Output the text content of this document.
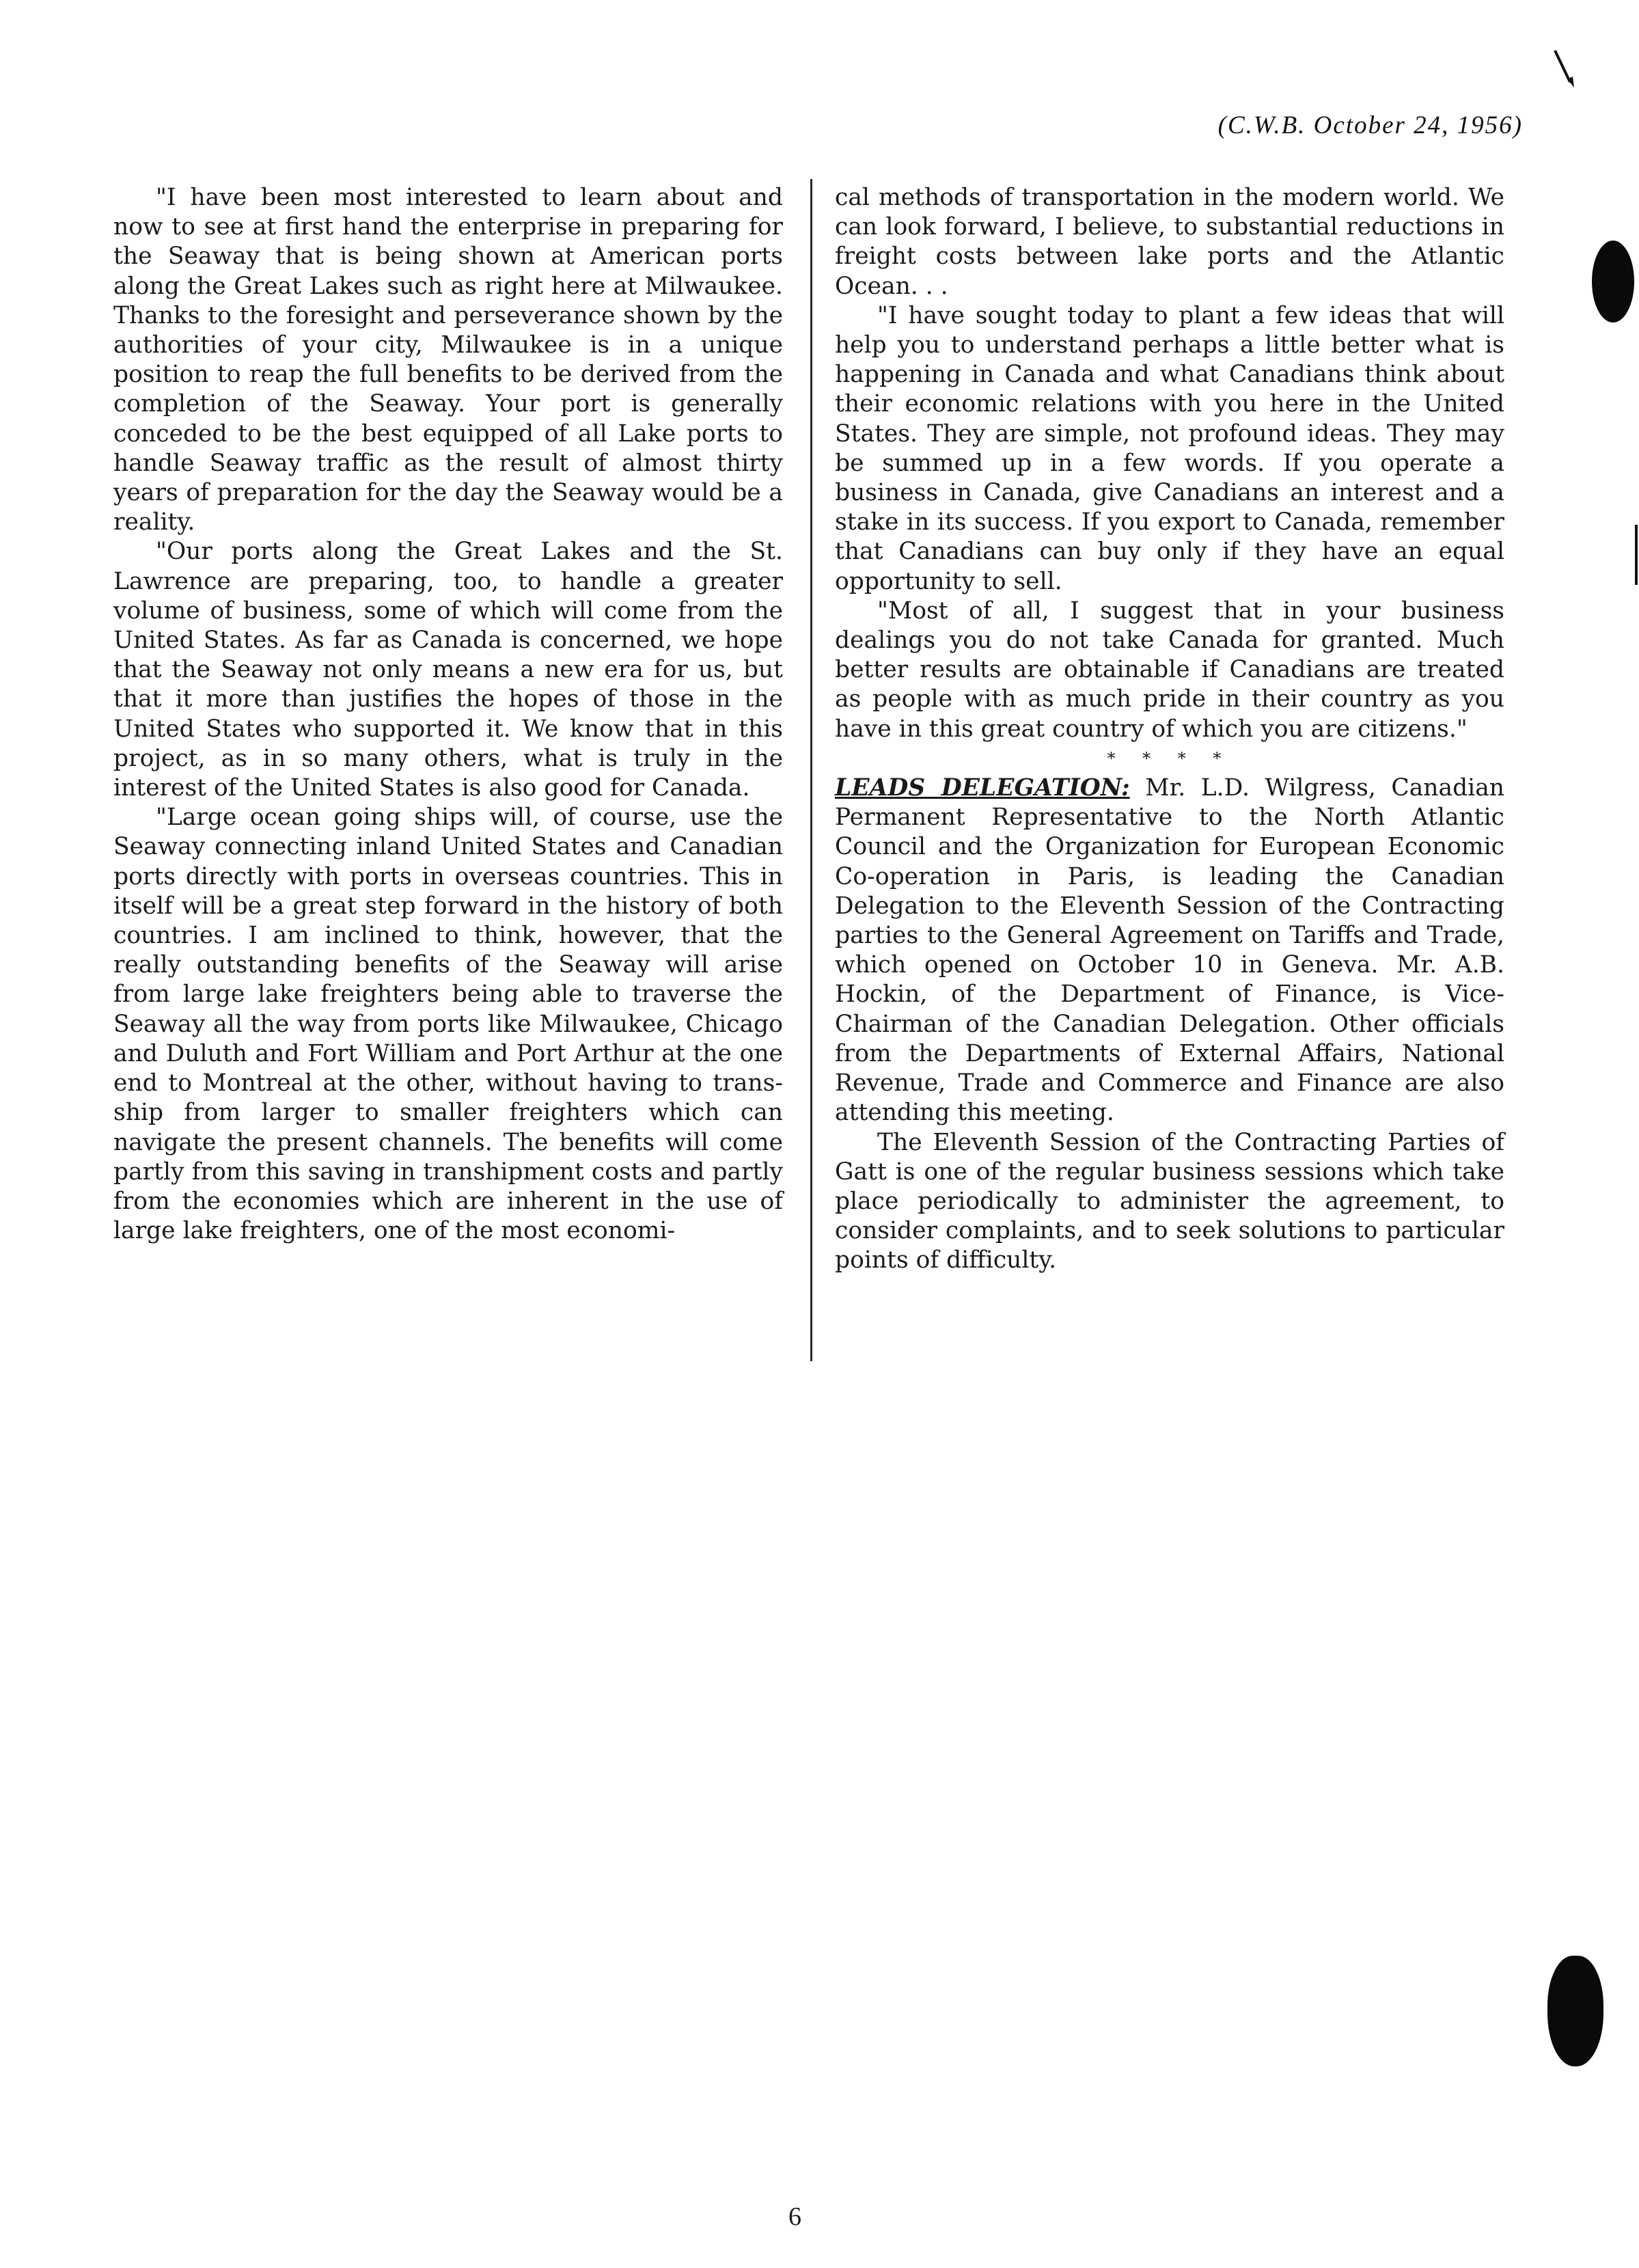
(C.W.B. October 24, 1956)

"I have been most interested to learn about and now to see at first hand the enterprise in preparing for the Seaway that is being shown at American ports along the Great Lakes such as right here at Milwaukee. Thanks to the foresight and perseverance shown by the authorities of your city, Milwaukee is in a unique position to reap the full benefits to be derived from the completion of the Seaway. Your port is generally conceded to be the best equipped of all Lake ports to handle Seaway traffic as the result of almost thirty years of preparation for the day the Seaway would be a reality.

"Our ports along the Great Lakes and the St. Lawrence are preparing, too, to handle a greater volume of business, some of which will come from the United States. As far as Canada is concerned, we hope that the Seaway not only means a new era for us, but that it more than justifies the hopes of those in the United States who supported it. We know that in this project, as in so many others, what is truly in the interest of the United States is also good for Canada.

"Large ocean going ships will, of course, use the Seaway connecting inland United States and Canadian ports directly with ports in overseas countries. This in itself will be a great step forward in the history of both countries. I am inclined to think, however, that the really outstanding benefits of the Seaway will arise from large lake freighters being able to traverse the Seaway all the way from ports like Milwaukee, Chicago and Duluth and Fort William and Port Arthur at the one end to Montreal at the other, without having to trans-ship from larger to smaller freighters which can navigate the present channels. The benefits will come partly from this saving in transhipment costs and partly from the economies which are inherent in the use of large lake freighters, one of the most economi-

cal methods of transportation in the modern world. We can look forward, I believe, to substantial reductions in freight costs between lake ports and the Atlantic Ocean. . .

"I have sought today to plant a few ideas that will help you to understand perhaps a little better what is happening in Canada and what Canadians think about their economic relations with you here in the United States. They are simple, not profound ideas. They may be summed up in a few words. If you operate a business in Canada, give Canadians an interest and a stake in its success. If you export to Canada, remember that Canadians can buy only if they have an equal opportunity to sell.

"Most of all, I suggest that in your business dealings you do not take Canada for granted. Much better results are obtainable if Canadians are treated as people with as much pride in their country as you have in this great country of which you are citizens."

* * * *

LEADS DELEGATION: Mr. L.D. Wilgress, Canadian Permanent Representative to the North Atlantic Council and the Organization for European Economic Co-operation in Paris, is leading the Canadian Delegation to the Eleventh Session of the Contracting parties to the General Agreement on Tariffs and Trade, which opened on October 10 in Geneva. Mr. A.B. Hockin, of the Department of Finance, is Vice-Chairman of the Canadian Delegation. Other officials from the Departments of External Affairs, National Revenue, Trade and Commerce and Finance are also attending this meeting.

The Eleventh Session of the Contracting Parties of Gatt is one of the regular business sessions which take place periodically to administer the agreement, to consider complaints, and to seek solutions to particular points of difficulty.

6
